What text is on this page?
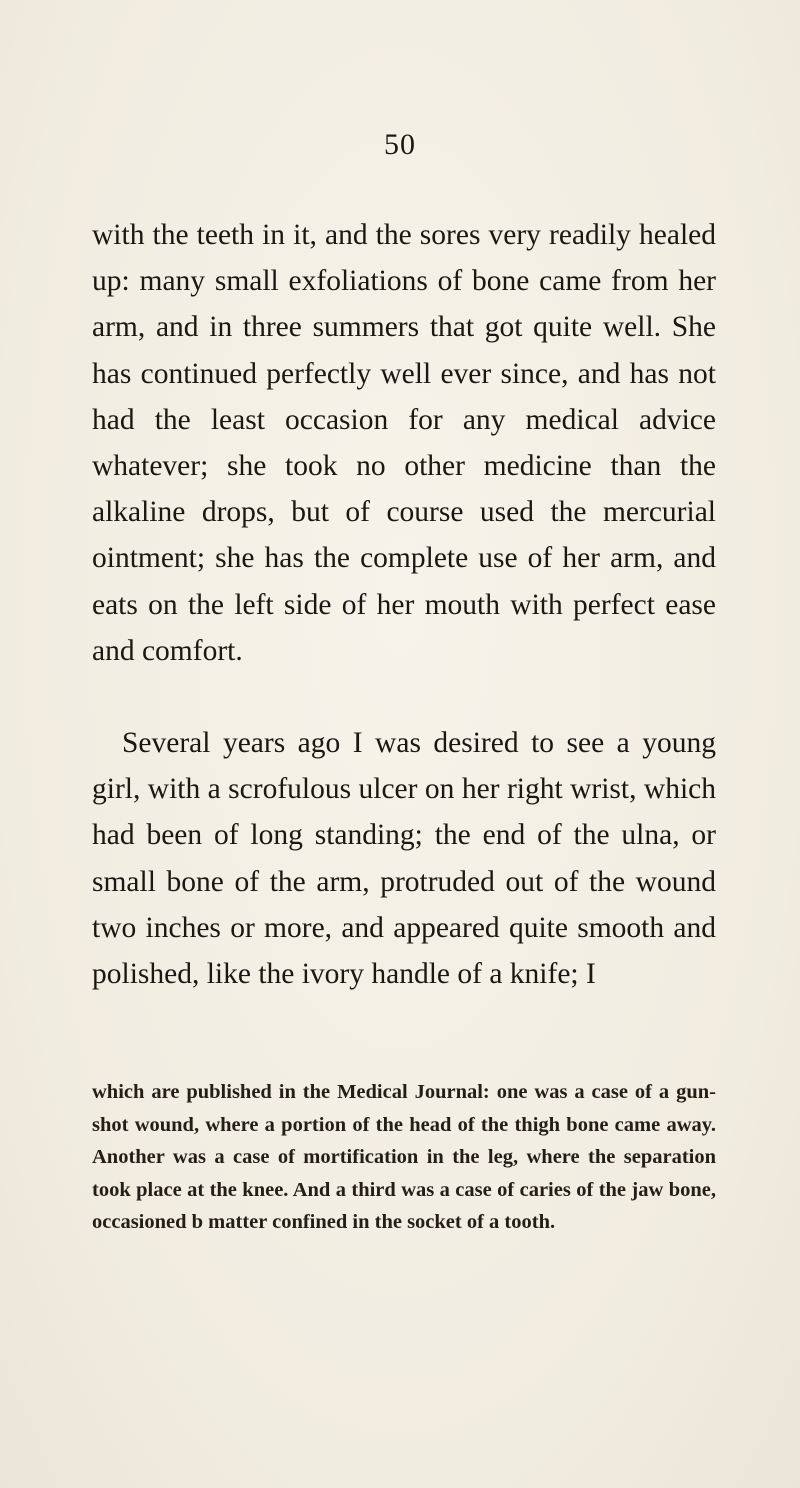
50

with the teeth in it, and the sores very readily healed up: many small exfoliations of bone came from her arm, and in three summers that got quite well. She has continued perfectly well ever since, and has not had the least occasion for any medical advice whatever; she took no other medicine than the alkaline drops, but of course used the mercurial ointment; she has the complete use of her arm, and eats on the left side of her mouth with perfect ease and comfort.

Several years ago I was desired to see a young girl, with a scrofulous ulcer on her right wrist, which had been of long standing; the end of the ulna, or small bone of the arm, protruded out of the wound two inches or more, and appeared quite smooth and polished, like the ivory handle of a knife; I

which are published in the Medical Journal: one was a case of a gun-shot wound, where a portion of the head of the thigh bone came away. Another was a case of mortification in the leg, where the separation took place at the knee. And a third was a case of caries of the jaw bone, occasioned b matter confined in the socket of a tooth.
